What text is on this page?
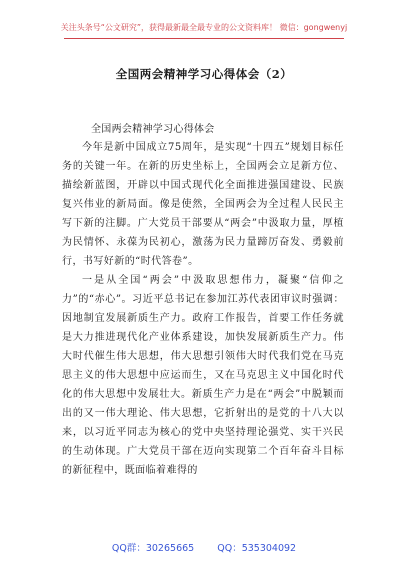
关注头条号“公文研究”，获得最新最全最专业的公文资料库！ 微信：gongwenyj
全国两会精神学习心得体会（2）
全国两会精神学习心得体会

今年是新中国成立75周年，是实现“十四五”规划目标任务的关键一年。在新的历史坐标上，全国两会立足新方位、描绘新蓝图，开辟以中国式现代化全面推进强国建设、民族复兴伟业的新局面。像是使然，全国两会为全过程人民民主写下新的注脚。广大党员干部要从“两会”中汲取力量，厚植为民情怀、永葆为民初心，激荡为民力量蹄厉奋发、勇毅前行，书写好新的“时代答卷”。

一是从全国“两会”中汲取思想伟力，凝聚“信仰之力”的“赤心”。习近平总书记在参加江苏代表团审议时强调：因地制宜发展新质生产力。政府工作报告，首要工作任务就是大力推进现代化产业体系建设，加快发展新质生产力。伟大时代催生伟大思想，伟大思想引领伟大时代我们党在马克思主义的伟大思想中应运而生，又在马克思主义中国化时代化的伟大思想中发展壮大。新质生产力是在“两会”中脱颖而出的又一伟大理论、伟大思想，它折射出的是党的十八大以来，以习近平同志为核心的党中央坚持理论强党、实干兴民的生动体现。广大党员干部在迈向实现第二个百年奋斗目标的新征程中，既面临着难得的

QQ群：30265665 QQ：535304092
